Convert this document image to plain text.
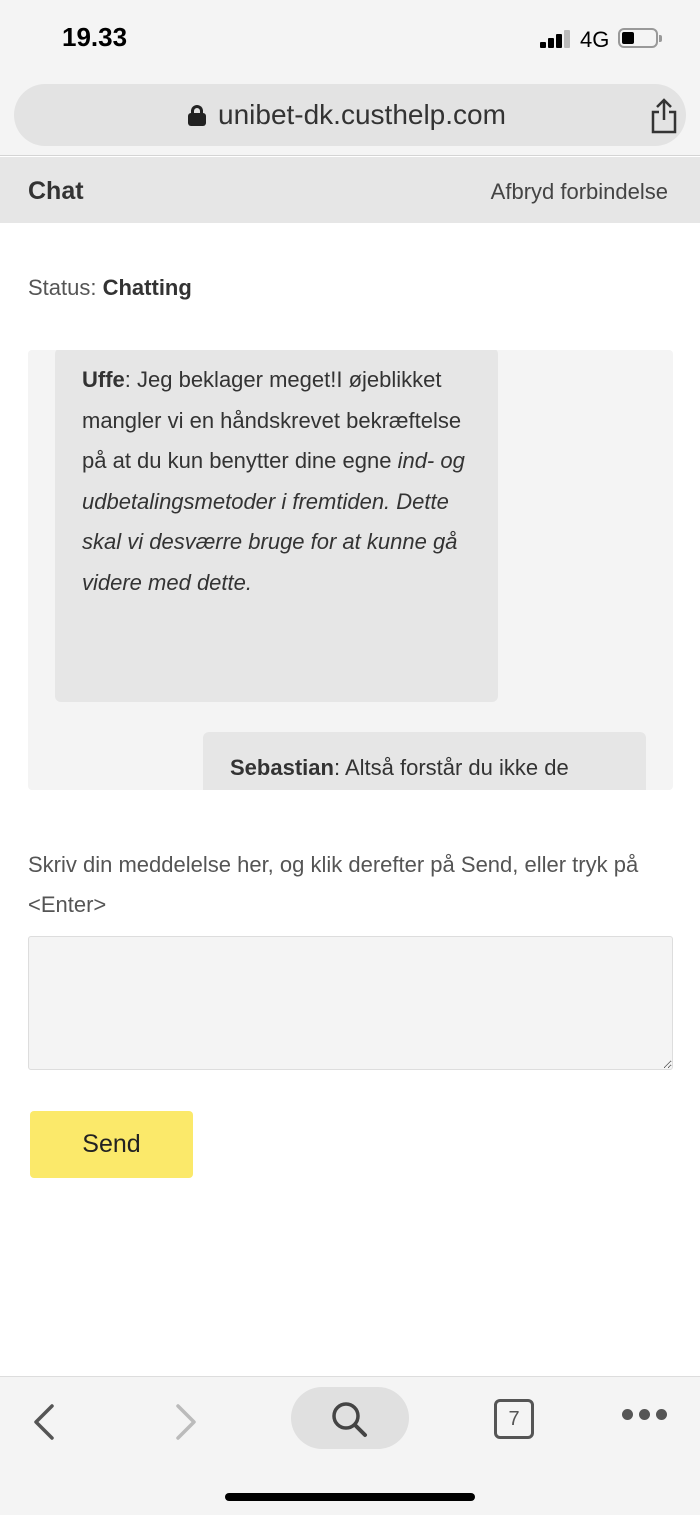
19.33	4G
unibet-dk.custhelp.com
Chat	Afbryd forbindelse
Status: Chatting
Uffe: Jeg beklager meget!I øjeblikket mangler vi en håndskrevet bekræftelse på at du kun benytter dine egne ind- og udbetalingsmetoder i fremtiden. Dette skal vi desværre bruge for at kunne gå videre med dette.
Sebastian: Altså forstår du ikke de
Skriv din meddelelse her, og klik derefter på Send, eller tryk på <Enter>
Send
7
